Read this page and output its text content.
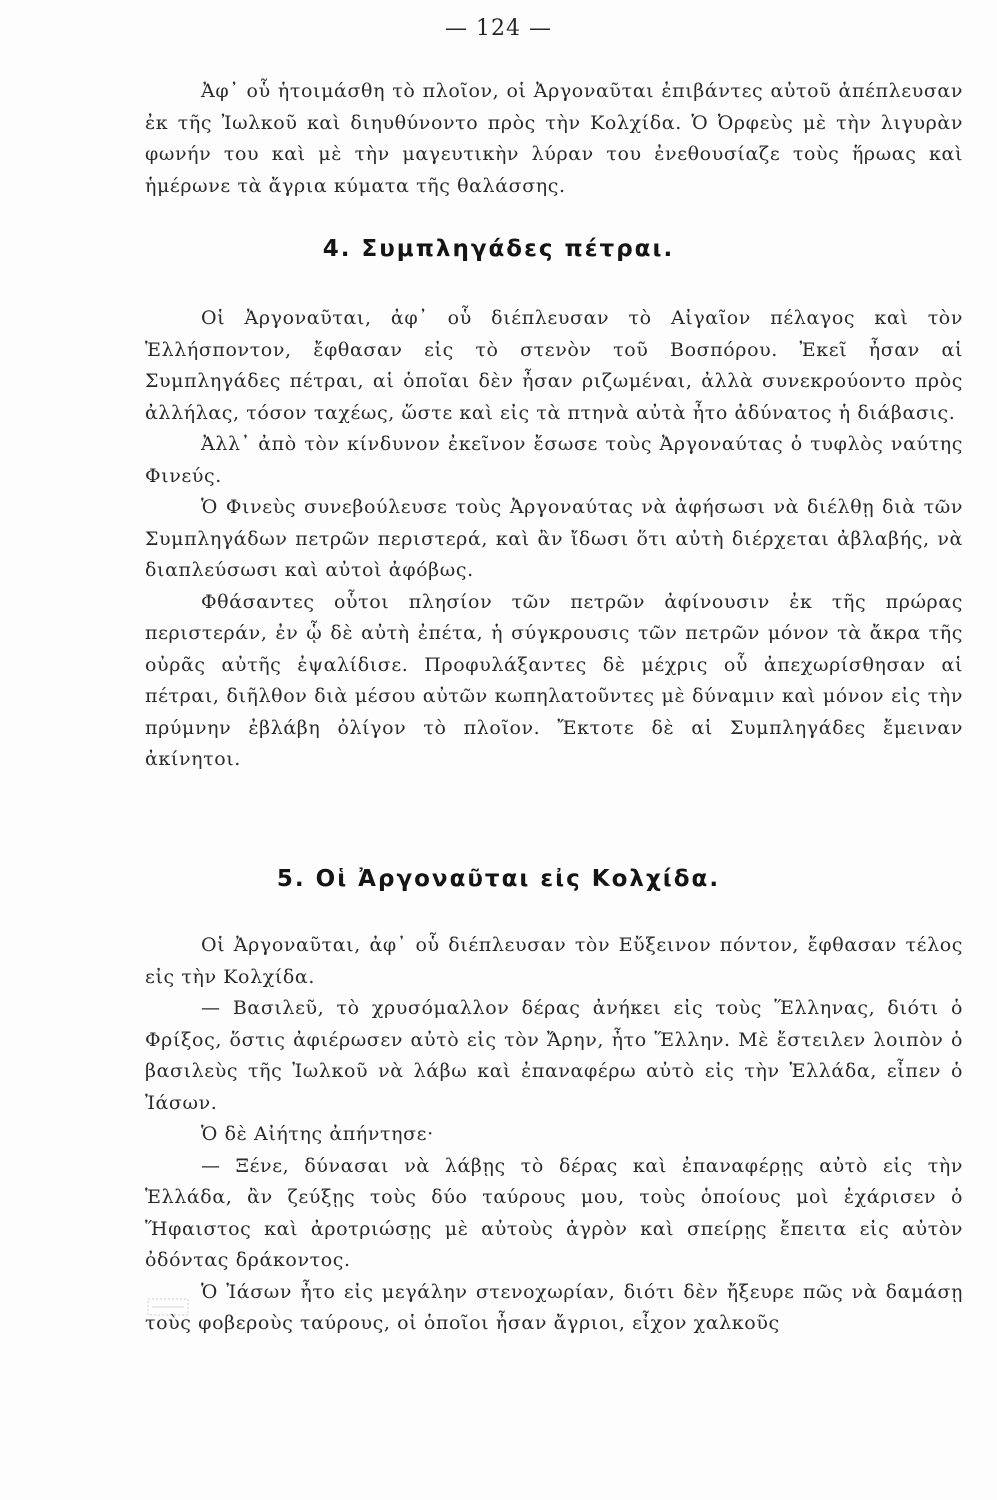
— 124 —

Ἀφ᾽ οὗ ἡτοιμάσθη τὸ πλοῖον, οἱ Ἀργοναῦται ἐπιβάντες αὐτοῦ ἀπέπλευσαν ἐκ τῆς Ἰωλκοῦ καὶ διηυθύνοντο πρὸς τὴν Κολχίδα. Ὁ Ὀρφεὺς μὲ τὴν λιγυρὰν φωνήν του καὶ μὲ τὴν μαγευτικὴν λύραν του ἐνεθουσίαζε τοὺς ἥρωας καὶ ἡμέρωνε τὰ ἄγρια κύματα τῆς θαλάσσης.

4. Συμπληγάδες πέτραι.

Οἱ Ἀργοναῦται, ἀφ᾽ οὗ διέπλευσαν τὸ Αἰγαῖον πέλαγος καὶ τὸν Ἑλλήσποντον, ἔφθασαν εἰς τὸ στενὸν τοῦ Βοσπόρου. Ἐκεῖ ἦσαν αἱ Συμπληγάδες πέτραι, αἱ ὁποῖαι δὲν ἦσαν ριζωμέναι, ἀλλὰ συνεκρούοντο πρὸς ἀλλήλας, τόσον ταχέως, ὥστε καὶ εἰς τὰ πτηνὰ αὐτὰ ἦτο ἀδύνατος ἡ διάβασις.

Ἀλλ᾽ ἀπὸ τὸν κίνδυνον ἐκεῖνον ἔσωσε τοὺς Ἀργοναύτας ὁ τυφλὸς ναύτης Φινεύς.

Ὁ Φινεὺς συνεβούλευσε τοὺς Ἀργοναύτας νὰ ἀφήσωσι νὰ διέλθῃ διὰ τῶν Συμπληγάδων πετρῶν περιστερά, καὶ ἂν ἴδωσι ὅτι αὐτὴ διέρχεται ἀβλαβής, νὰ διαπλεύσωσι καὶ αὐτοὶ ἀφόβως.

Φθάσαντες οὗτοι πλησίον τῶν πετρῶν ἀφίνουσιν ἐκ τῆς πρώρας περιστεράν, ἐν ᾧ δὲ αὐτὴ ἐπέτα, ἡ σύγκρουσις τῶν πετρῶν μόνον τὰ ἄκρα τῆς οὐρᾶς αὐτῆς ἐψαλίδισε. Προφυλάξαντες δὲ μέχρις οὗ ἀπεχωρίσθησαν αἱ πέτραι, διῆλθον διὰ μέσου αὐτῶν κωπηλατοῦντες μὲ δύναμιν καὶ μόνον εἰς τὴν πρύμνην ἐβλάβη ὀλίγον τὸ πλοῖον. Ἔκτοτε δὲ αἱ Συμπληγάδες ἔμειναν ἀκίνητοι.

5. Οἱ Ἀργοναῦται εἰς Κολχίδα.

Οἱ Ἀργοναῦται, ἀφ᾽ οὗ διέπλευσαν τὸν Εὔξεινον πόντον, ἔφθασαν τέλος εἰς τὴν Κολχίδα.

— Βασιλεῦ, τὸ χρυσόμαλλον δέρας ἀνήκει εἰς τοὺς Ἕλληνας, διότι ὁ Φρίξος, ὅστις ἀφιέρωσεν αὐτὸ εἰς τὸν Ἄρην, ἦτο Ἕλλην. Μὲ ἔστειλεν λοιπὸν ὁ βασιλεὺς τῆς Ἰωλκοῦ νὰ λάβω καὶ ἐπαναφέρω αὐτὸ εἰς τὴν Ἑλλάδα, εἶπεν ὁ Ἰάσων.

Ὁ δὲ Αἰήτης ἀπήντησε·

— Ξένε, δύνασαι νὰ λάβῃς τὸ δέρας καὶ ἐπαναφέρῃς αὐτὸ εἰς τὴν Ἑλλάδα, ἂν ζεύξῃς τοὺς δύο ταύρους μου, τοὺς ὁποίους μοὶ ἐχάρισεν ὁ Ἥφαιστος καὶ ἀροτριώσῃς μὲ αὐτοὺς ἀγρὸν καὶ σπείρῃς ἔπειτα εἰς αὐτὸν ὀδόντας δράκοντος.

Ὁ Ἰάσων ἦτο εἰς μεγάλην στενοχωρίαν, διότι δὲν ἤξευρε πῶς νὰ δαμάσῃ τοὺς φοβεροὺς ταύρους, οἱ ὁποῖοι ἦσαν ἄγριοι, εἶχον χαλκοῦς
